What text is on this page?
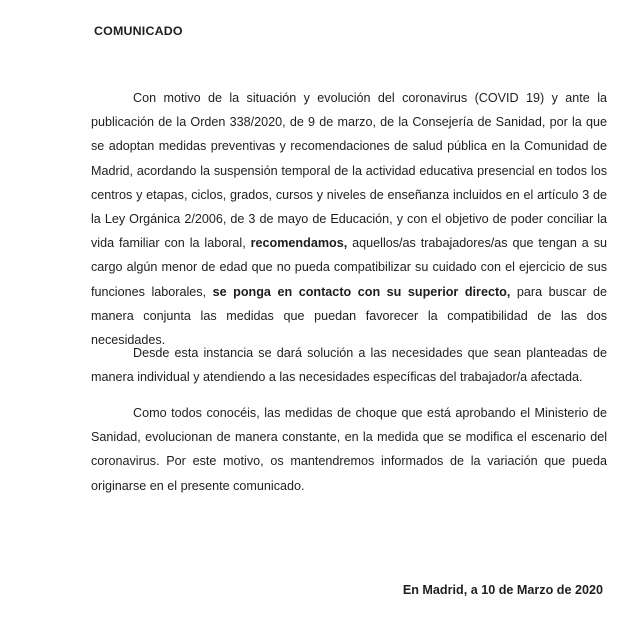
COMUNICADO

Con motivo de la situación y evolución del coronavirus (COVID 19) y ante la publicación de la Orden 338/2020, de 9 de marzo, de la Consejería de Sanidad, por la que se adoptan medidas preventivas y recomendaciones de salud pública en la Comunidad de Madrid, acordando la suspensión temporal de la actividad educativa presencial en todos los centros y etapas, ciclos, grados, cursos y niveles de enseñanza incluidos en el artículo 3 de la Ley Orgánica 2/2006, de 3 de mayo de Educación, y con el objetivo de poder conciliar la vida familiar con la laboral, recomendamos, aquellos/as trabajadores/as que tengan a su cargo algún menor de edad que no pueda compatibilizar su cuidado con el ejercicio de sus funciones laborales, se ponga en contacto con su superior directo, para buscar de manera conjunta las medidas que puedan favorecer la compatibilidad de las dos necesidades.

Desde esta instancia se dará solución a las necesidades que sean planteadas de manera individual y atendiendo a las necesidades específicas del trabajador/a afectada.

Como todos conocéis, las medidas de choque que está aprobando el Ministerio de Sanidad, evolucionan de manera constante, en la medida que se modifica el escenario del coronavirus. Por este motivo, os mantendremos informados de la variación que pueda originarse en el presente comunicado.

En Madrid, a 10 de Marzo de 2020
